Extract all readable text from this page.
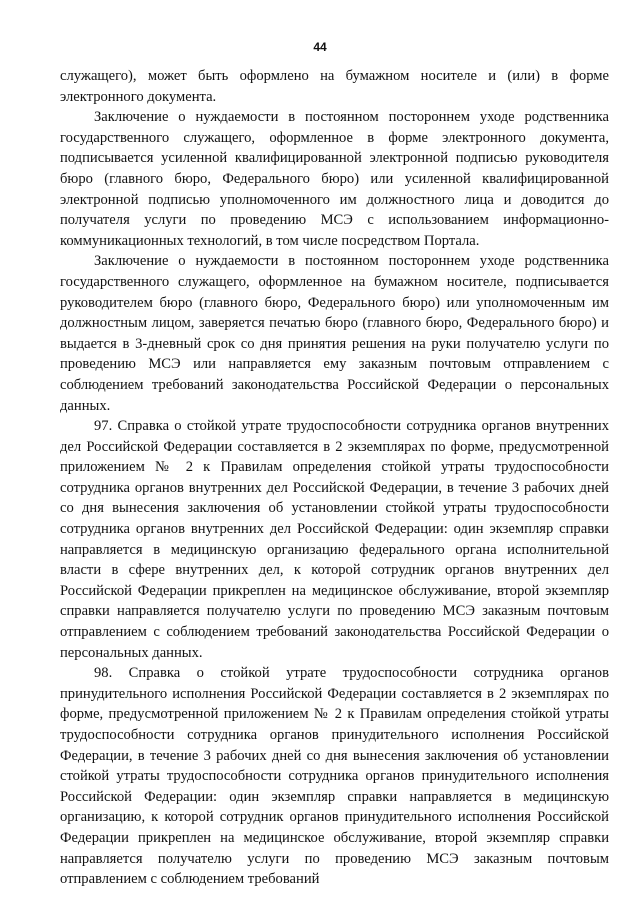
44

служащего), может быть оформлено на бумажном носителе и (или) в форме электронного документа.

Заключение о нуждаемости в постоянном постороннем уходе родственника государственного служащего, оформленное в форме электронного документа, подписывается усиленной квалифицированной электронной подписью руководителя бюро (главного бюро, Федерального бюро) или усиленной квалифицированной электронной подписью уполномоченного им должностного лица и доводится до получателя услуги по проведению МСЭ с использованием информационно-коммуникационных технологий, в том числе посредством Портала.

Заключение о нуждаемости в постоянном постороннем уходе родственника государственного служащего, оформленное на бумажном носителе, подписывается руководителем бюро (главного бюро, Федерального бюро) или уполномоченным им должностным лицом, заверяется печатью бюро (главного бюро, Федерального бюро) и выдается в 3-дневный срок со дня принятия решения на руки получателю услуги по проведению МСЭ или направляется ему заказным почтовым отправлением с соблюдением требований законодательства Российской Федерации о персональных данных.

97. Справка о стойкой утрате трудоспособности сотрудника органов внутренних дел Российской Федерации составляется в 2 экземплярах по форме, предусмотренной приложением № 2 к Правилам определения стойкой утраты трудоспособности сотрудника органов внутренних дел Российской Федерации, в течение 3 рабочих дней со дня вынесения заключения об установлении стойкой утраты трудоспособности сотрудника органов внутренних дел Российской Федерации: один экземпляр справки направляется в медицинскую организацию федерального органа исполнительной власти в сфере внутренних дел, к которой сотрудник органов внутренних дел Российской Федерации прикреплен на медицинское обслуживание, второй экземпляр справки направляется получателю услуги по проведению МСЭ заказным почтовым отправлением с соблюдением требований законодательства Российской Федерации о персональных данных.

98. Справка о стойкой утрате трудоспособности сотрудника органов принудительного исполнения Российской Федерации составляется в 2 экземплярах по форме, предусмотренной приложением № 2 к Правилам определения стойкой утраты трудоспособности сотрудника органов принудительного исполнения Российской Федерации, в течение 3 рабочих дней со дня вынесения заключения об установлении стойкой утраты трудоспособности сотрудника органов принудительного исполнения Российской Федерации: один экземпляр справки направляется в медицинскую организацию, к которой сотрудник органов принудительного исполнения Российской Федерации прикреплен на медицинское обслуживание, второй экземпляр справки направляется получателю услуги по проведению МСЭ заказным почтовым отправлением с соблюдением требований
